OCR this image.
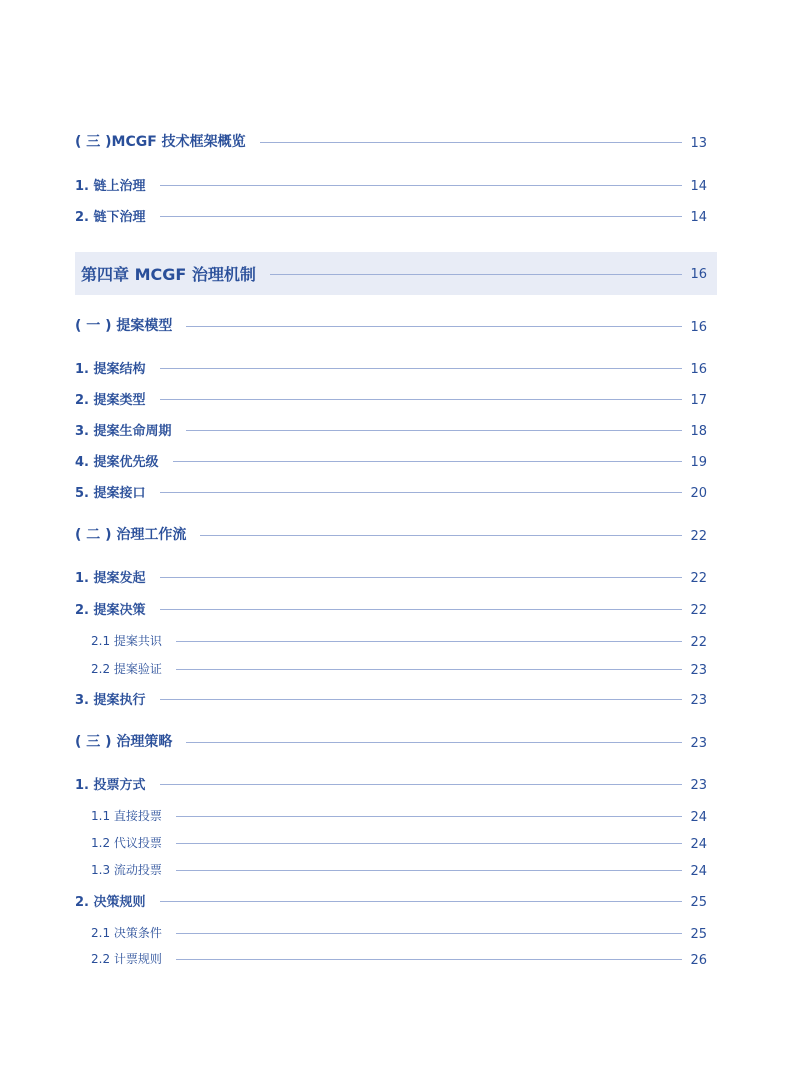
( 三 )MCGF 技术框架概览	13
1. 链上治理	14
2. 链下治理	14
第四章 MCGF 治理机制	16
( 一 ) 提案模型	16
1. 提案结构	16
2. 提案类型	17
3. 提案生命周期	18
4. 提案优先级	19
5. 提案接口	20
( 二 ) 治理工作流	22
1. 提案发起	22
2. 提案决策	22
2.1 提案共识	22
2.2 提案验证	23
3. 提案执行	23
( 三 ) 治理策略	23
1. 投票方式	23
1.1 直接投票	24
1.2 代议投票	24
1.3 流动投票	24
2. 决策规则	25
2.1 决策条件	25
2.2 计票规则	26
